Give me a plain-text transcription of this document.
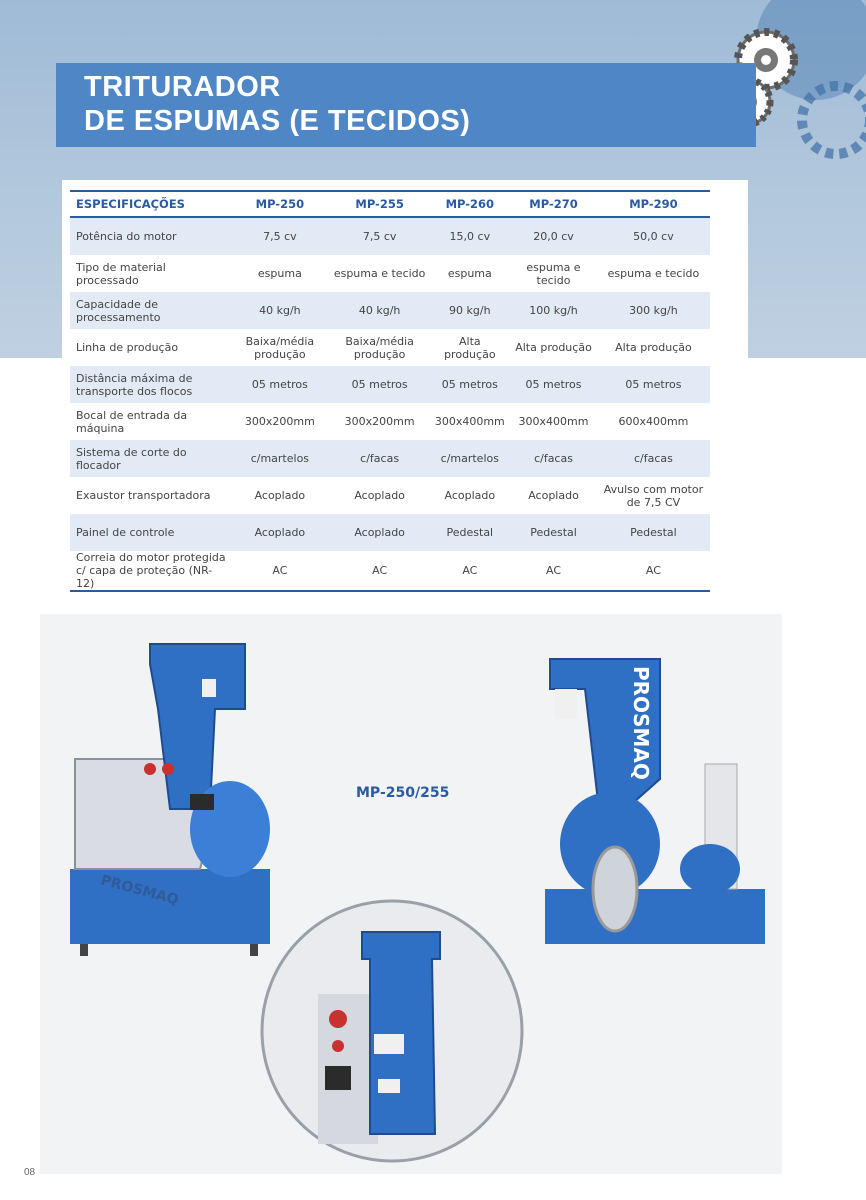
TRITURADOR
DE ESPUMAS (E TECIDOS)
ESPECIFICAÇÕES	MP-250	MP-255	MP-260	MP-270	MP-290
Potência do motor	7,5 cv	7,5 cv	15,0 cv	20,0 cv	50,0 cv
Tipo de material processado	espuma	espuma e tecido	espuma	espuma e tecido	espuma e tecido
Capacidade de processamento	40 kg/h	40 kg/h	90 kg/h	100 kg/h	300 kg/h
Linha de produção	Baixa/média produção	Baixa/média produção	Alta produção	Alta produção	Alta produção
Distância máxima de transporte dos flocos	05 metros	05 metros	05 metros	05 metros	05 metros
Bocal de entrada da máquina	300x200mm	300x200mm	300x400mm	300x400mm	600x400mm
Sistema de corte do flocador	c/martelos	c/facas	c/martelos	c/facas	c/facas
Exaustor transportadora	Acoplado	Acoplado	Acoplado	Acoplado	Avulso com motor de 7,5 CV
Painel de controle	Acoplado	Acoplado	Pedestal	Pedestal	Pedestal
Correia do motor protegida c/ capa de proteção (NR-12)	AC	AC	AC	AC	AC
PROSMAQ
PROSMAQ
MP-250/255
08
